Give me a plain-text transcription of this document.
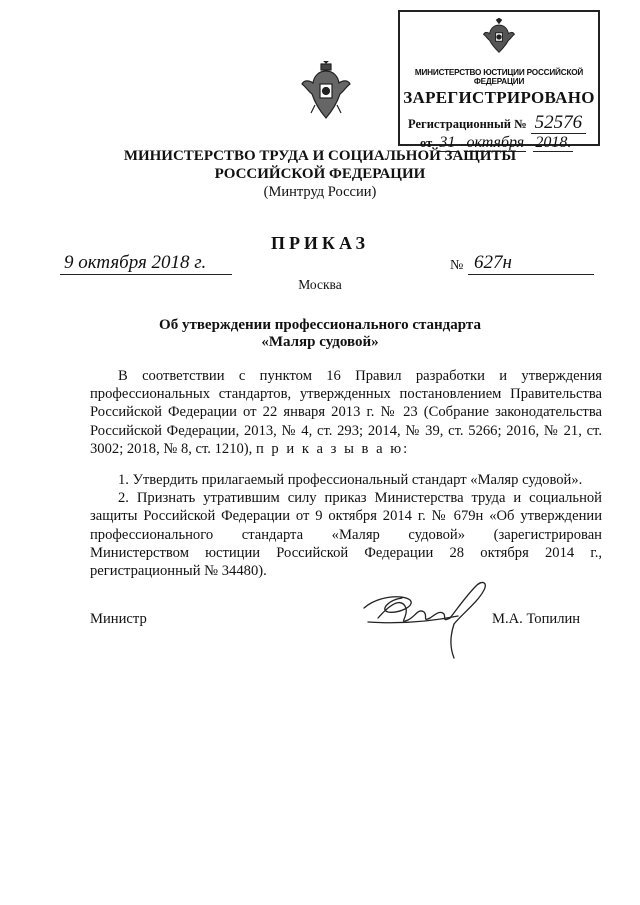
МИНИСТЕРСТВО ЮСТИЦИИ РОССИЙСКОЙ ФЕДЕРАЦИИ
ЗАРЕГИСТРИРОВАНО
Регистрационный № 52576
от 31 октября 2018.
МИНИСТЕРСТВО ТРУДА И СОЦИАЛЬНОЙ ЗАЩИТЫ
РОССИЙСКОЙ ФЕДЕРАЦИИ
(Минтруд России)
ПРИКАЗ
9 октября 2018 г.	№ 627н
Москва
Об утверждении профессионального стандарта
«Маляр судовой»

В соответствии с пунктом 16 Правил разработки и утверждения профессиональных стандартов, утвержденных постановлением Правительства Российской Федерации от 22 января 2013 г. № 23 (Собрание законодательства Российской Федерации, 2013, № 4, ст. 293; 2014, № 39, ст. 5266; 2016, № 21, ст. 3002; 2018, № 8, ст. 1210), п р и к а з ы в а ю:

1. Утвердить прилагаемый профессиональный стандарт «Маляр судовой».

2. Признать утратившим силу приказ Министерства труда и социальной защиты Российской Федерации от 9 октября 2014 г. № 679н «Об утверждении профессионального стандарта «Маляр судовой» (зарегистрирован Министерством юстиции Российской Федерации 28 октября 2014 г., регистрационный № 34480).

Министр	М.А. Топилин
